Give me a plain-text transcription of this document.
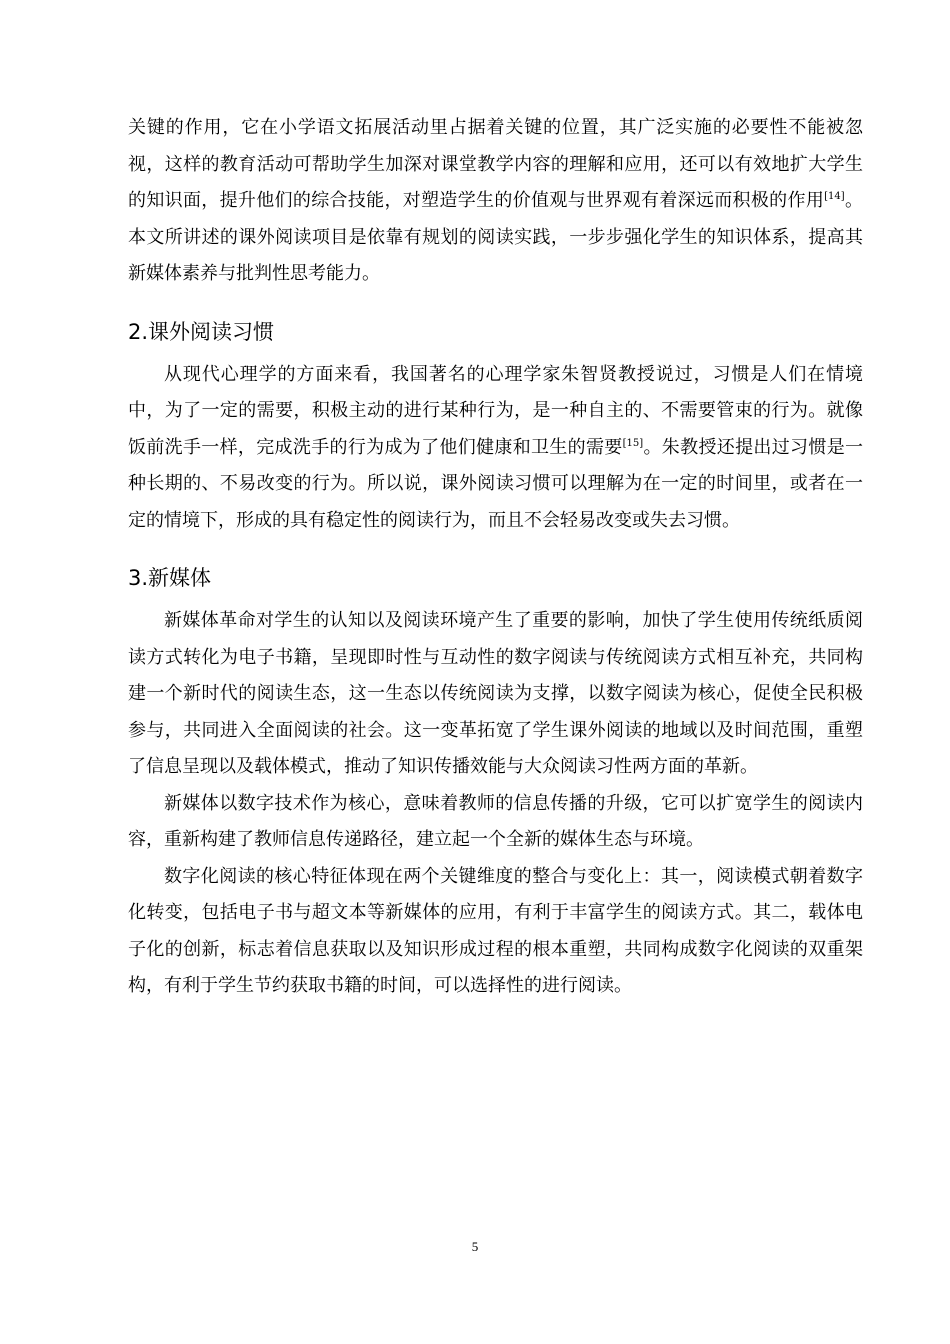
关键的作用，它在小学语文拓展活动里占据着关键的位置，其广泛实施的必要性不能被忽视，这样的教育活动可帮助学生加深对课堂教学内容的理解和应用，还可以有效地扩大学生的知识面，提升他们的综合技能，对塑造学生的价值观与世界观有着深远而积极的作用[14]。本文所讲述的课外阅读项目是依靠有规划的阅读实践，一步步强化学生的知识体系，提高其新媒体素养与批判性思考能力。

2.课外阅读习惯

从现代心理学的方面来看，我国著名的心理学家朱智贤教授说过，习惯是人们在情境中，为了一定的需要，积极主动的进行某种行为，是一种自主的、不需要管束的行为。就像饭前洗手一样，完成洗手的行为成为了他们健康和卫生的需要[15]。朱教授还提出过习惯是一种长期的、不易改变的行为。所以说，课外阅读习惯可以理解为在一定的时间里，或者在一定的情境下，形成的具有稳定性的阅读行为，而且不会轻易改变或失去习惯。

3.新媒体

新媒体革命对学生的认知以及阅读环境产生了重要的影响，加快了学生使用传统纸质阅读方式转化为电子书籍，呈现即时性与互动性的数字阅读与传统阅读方式相互补充，共同构建一个新时代的阅读生态，这一生态以传统阅读为支撑，以数字阅读为核心，促使全民积极参与，共同进入全面阅读的社会。这一变革拓宽了学生课外阅读的地域以及时间范围，重塑了信息呈现以及载体模式，推动了知识传播效能与大众阅读习性两方面的革新。

新媒体以数字技术作为核心，意味着教师的信息传播的升级，它可以扩宽学生的阅读内容，重新构建了教师信息传递路径，建立起一个全新的媒体生态与环境。

数字化阅读的核心特征体现在两个关键维度的整合与变化上：其一，阅读模式朝着数字化转变，包括电子书与超文本等新媒体的应用，有利于丰富学生的阅读方式。其二，载体电子化的创新，标志着信息获取以及知识形成过程的根本重塑，共同构成数字化阅读的双重架构，有利于学生节约获取书籍的时间，可以选择性的进行阅读。

5
